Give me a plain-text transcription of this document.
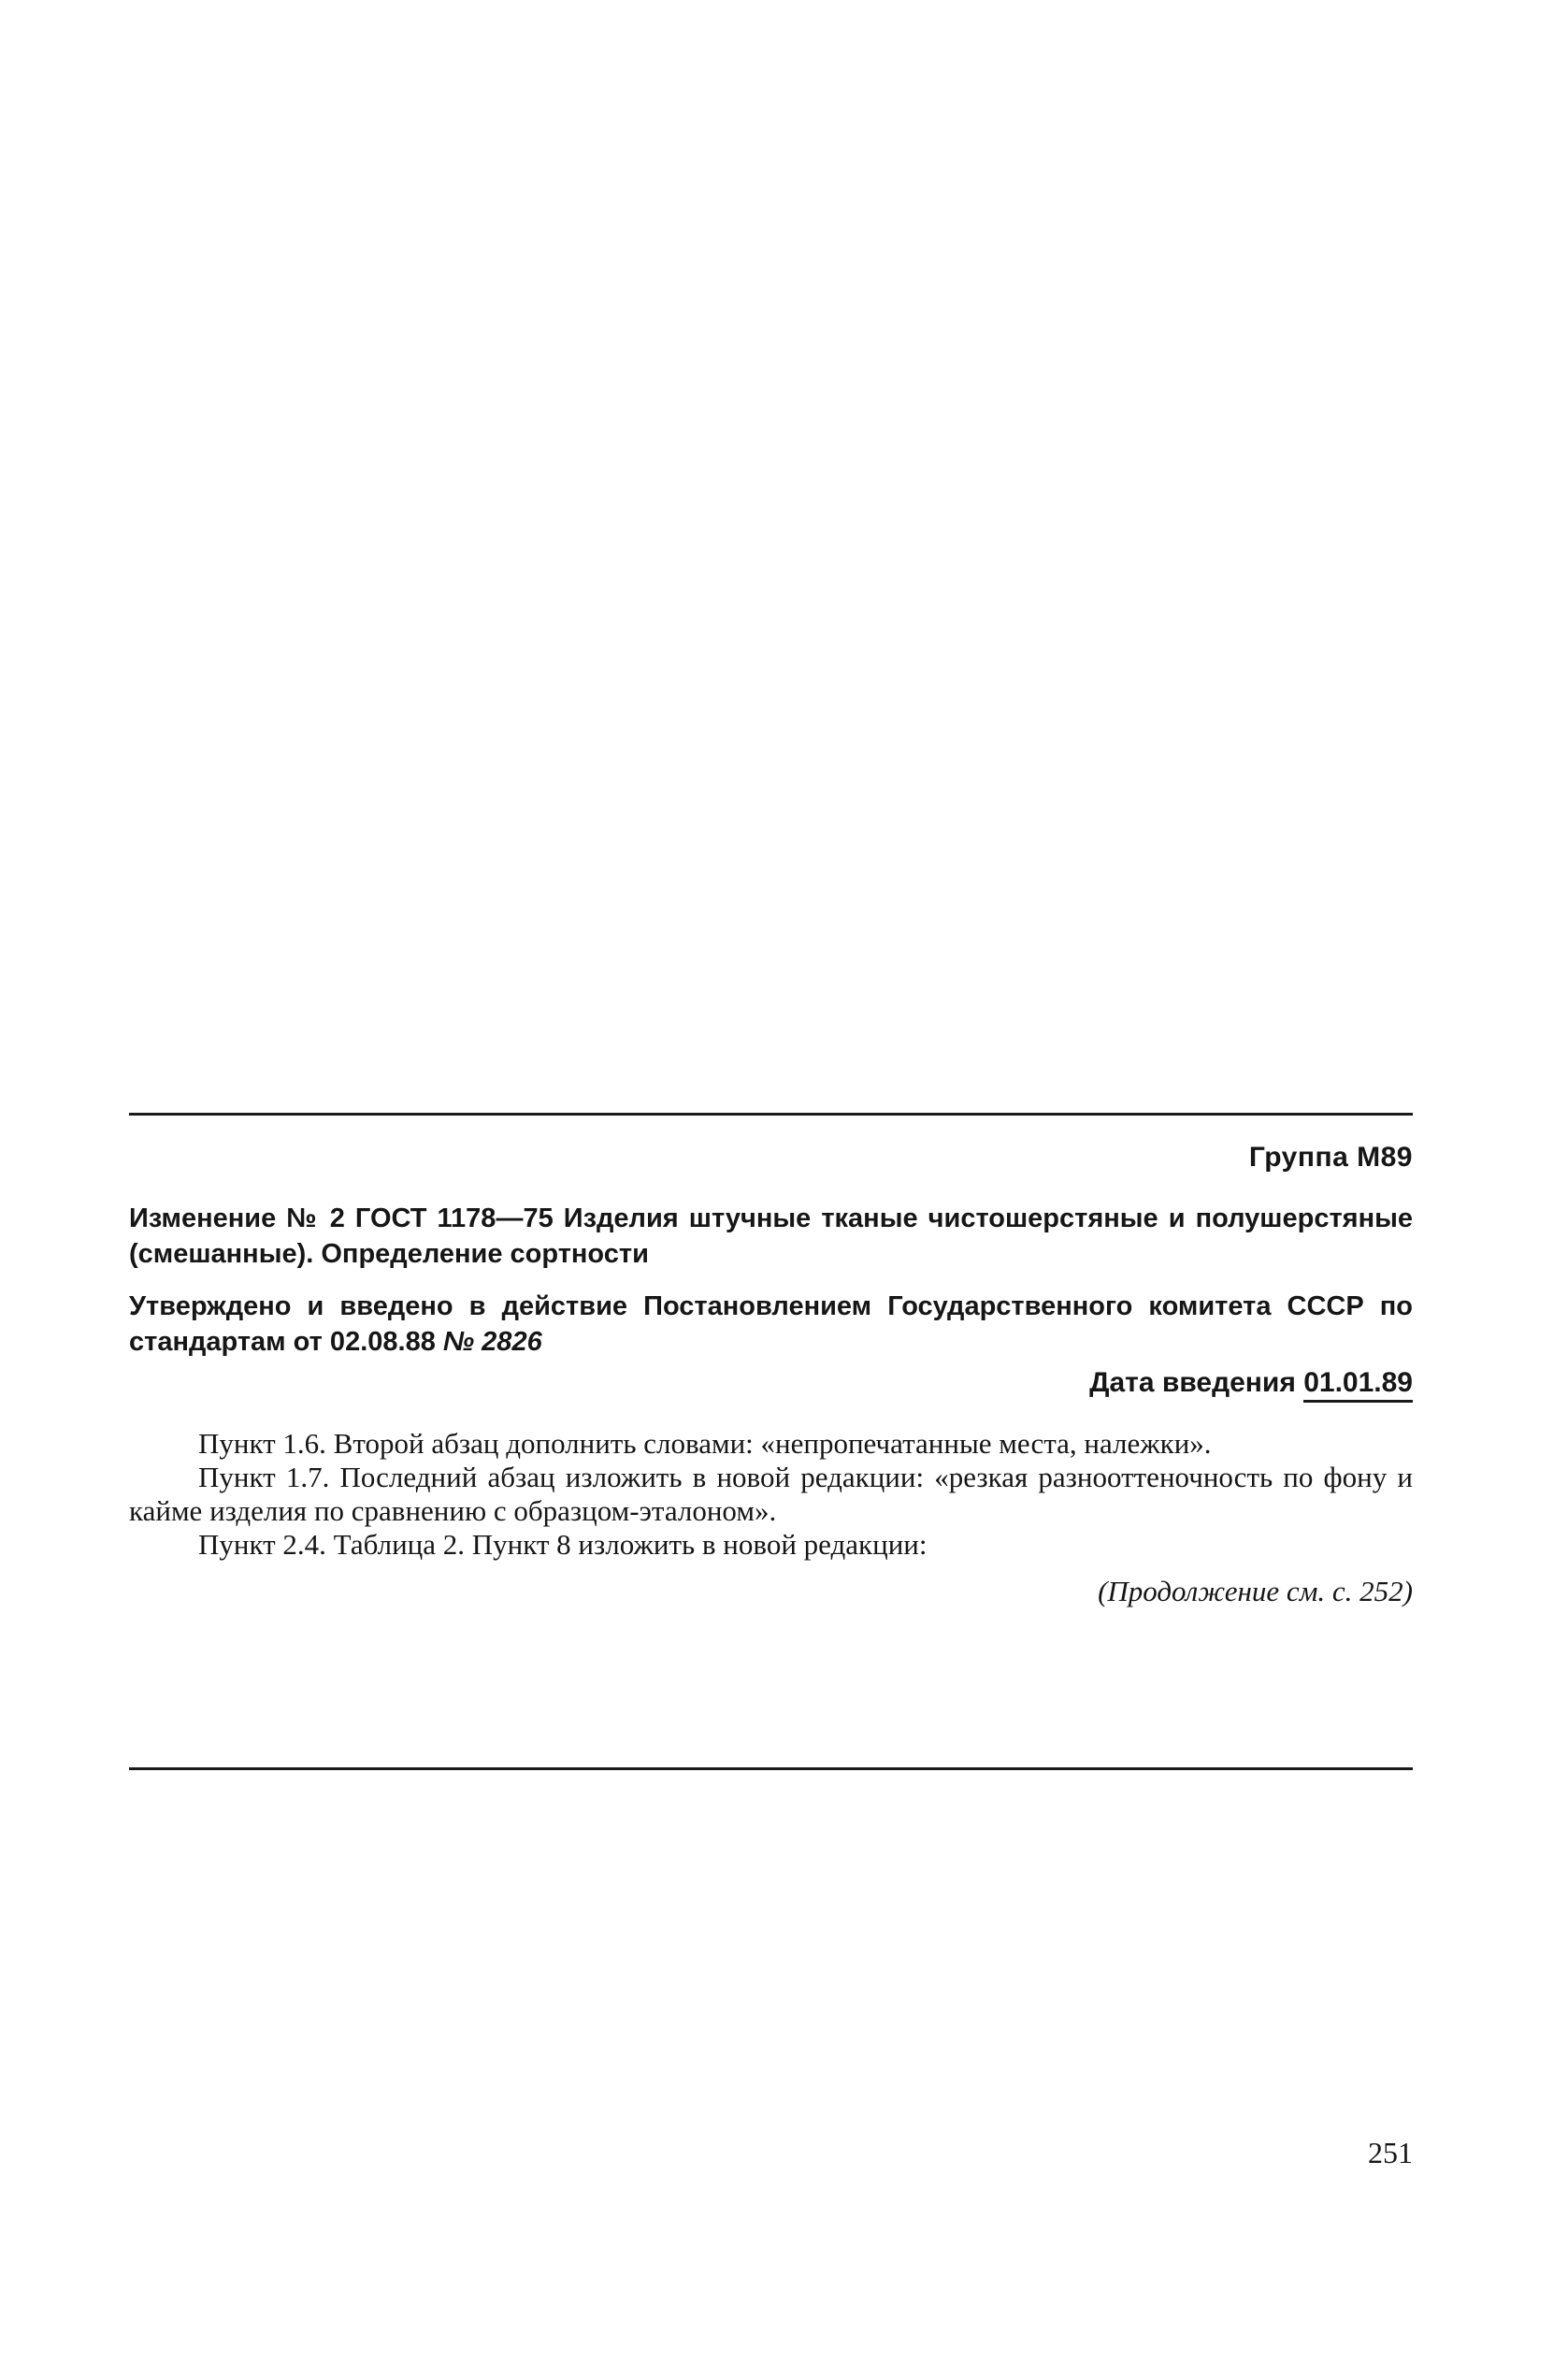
Группа М89
Изменение № 2 ГОСТ 1178—75 Изделия штучные тканые чистошерстяные и полушерстяные (смешанные). Определение сортности
Утверждено и введено в действие Постановлением Государственного комитета СССР по стандартам от 02.08.88 № 2826
Дата введения 01.01.89

Пункт 1.6. Второй абзац дополнить словами: «непропечатанные места, належки».

Пункт 1.7. Последний абзац изложить в новой редакции: «резкая разнооттеночность по фону и кайме изделия по сравнению с образцом-эталоном».

Пункт 2.4. Таблица 2. Пункт 8 изложить в новой редакции:

(Продолжение см. с. 252)
251
